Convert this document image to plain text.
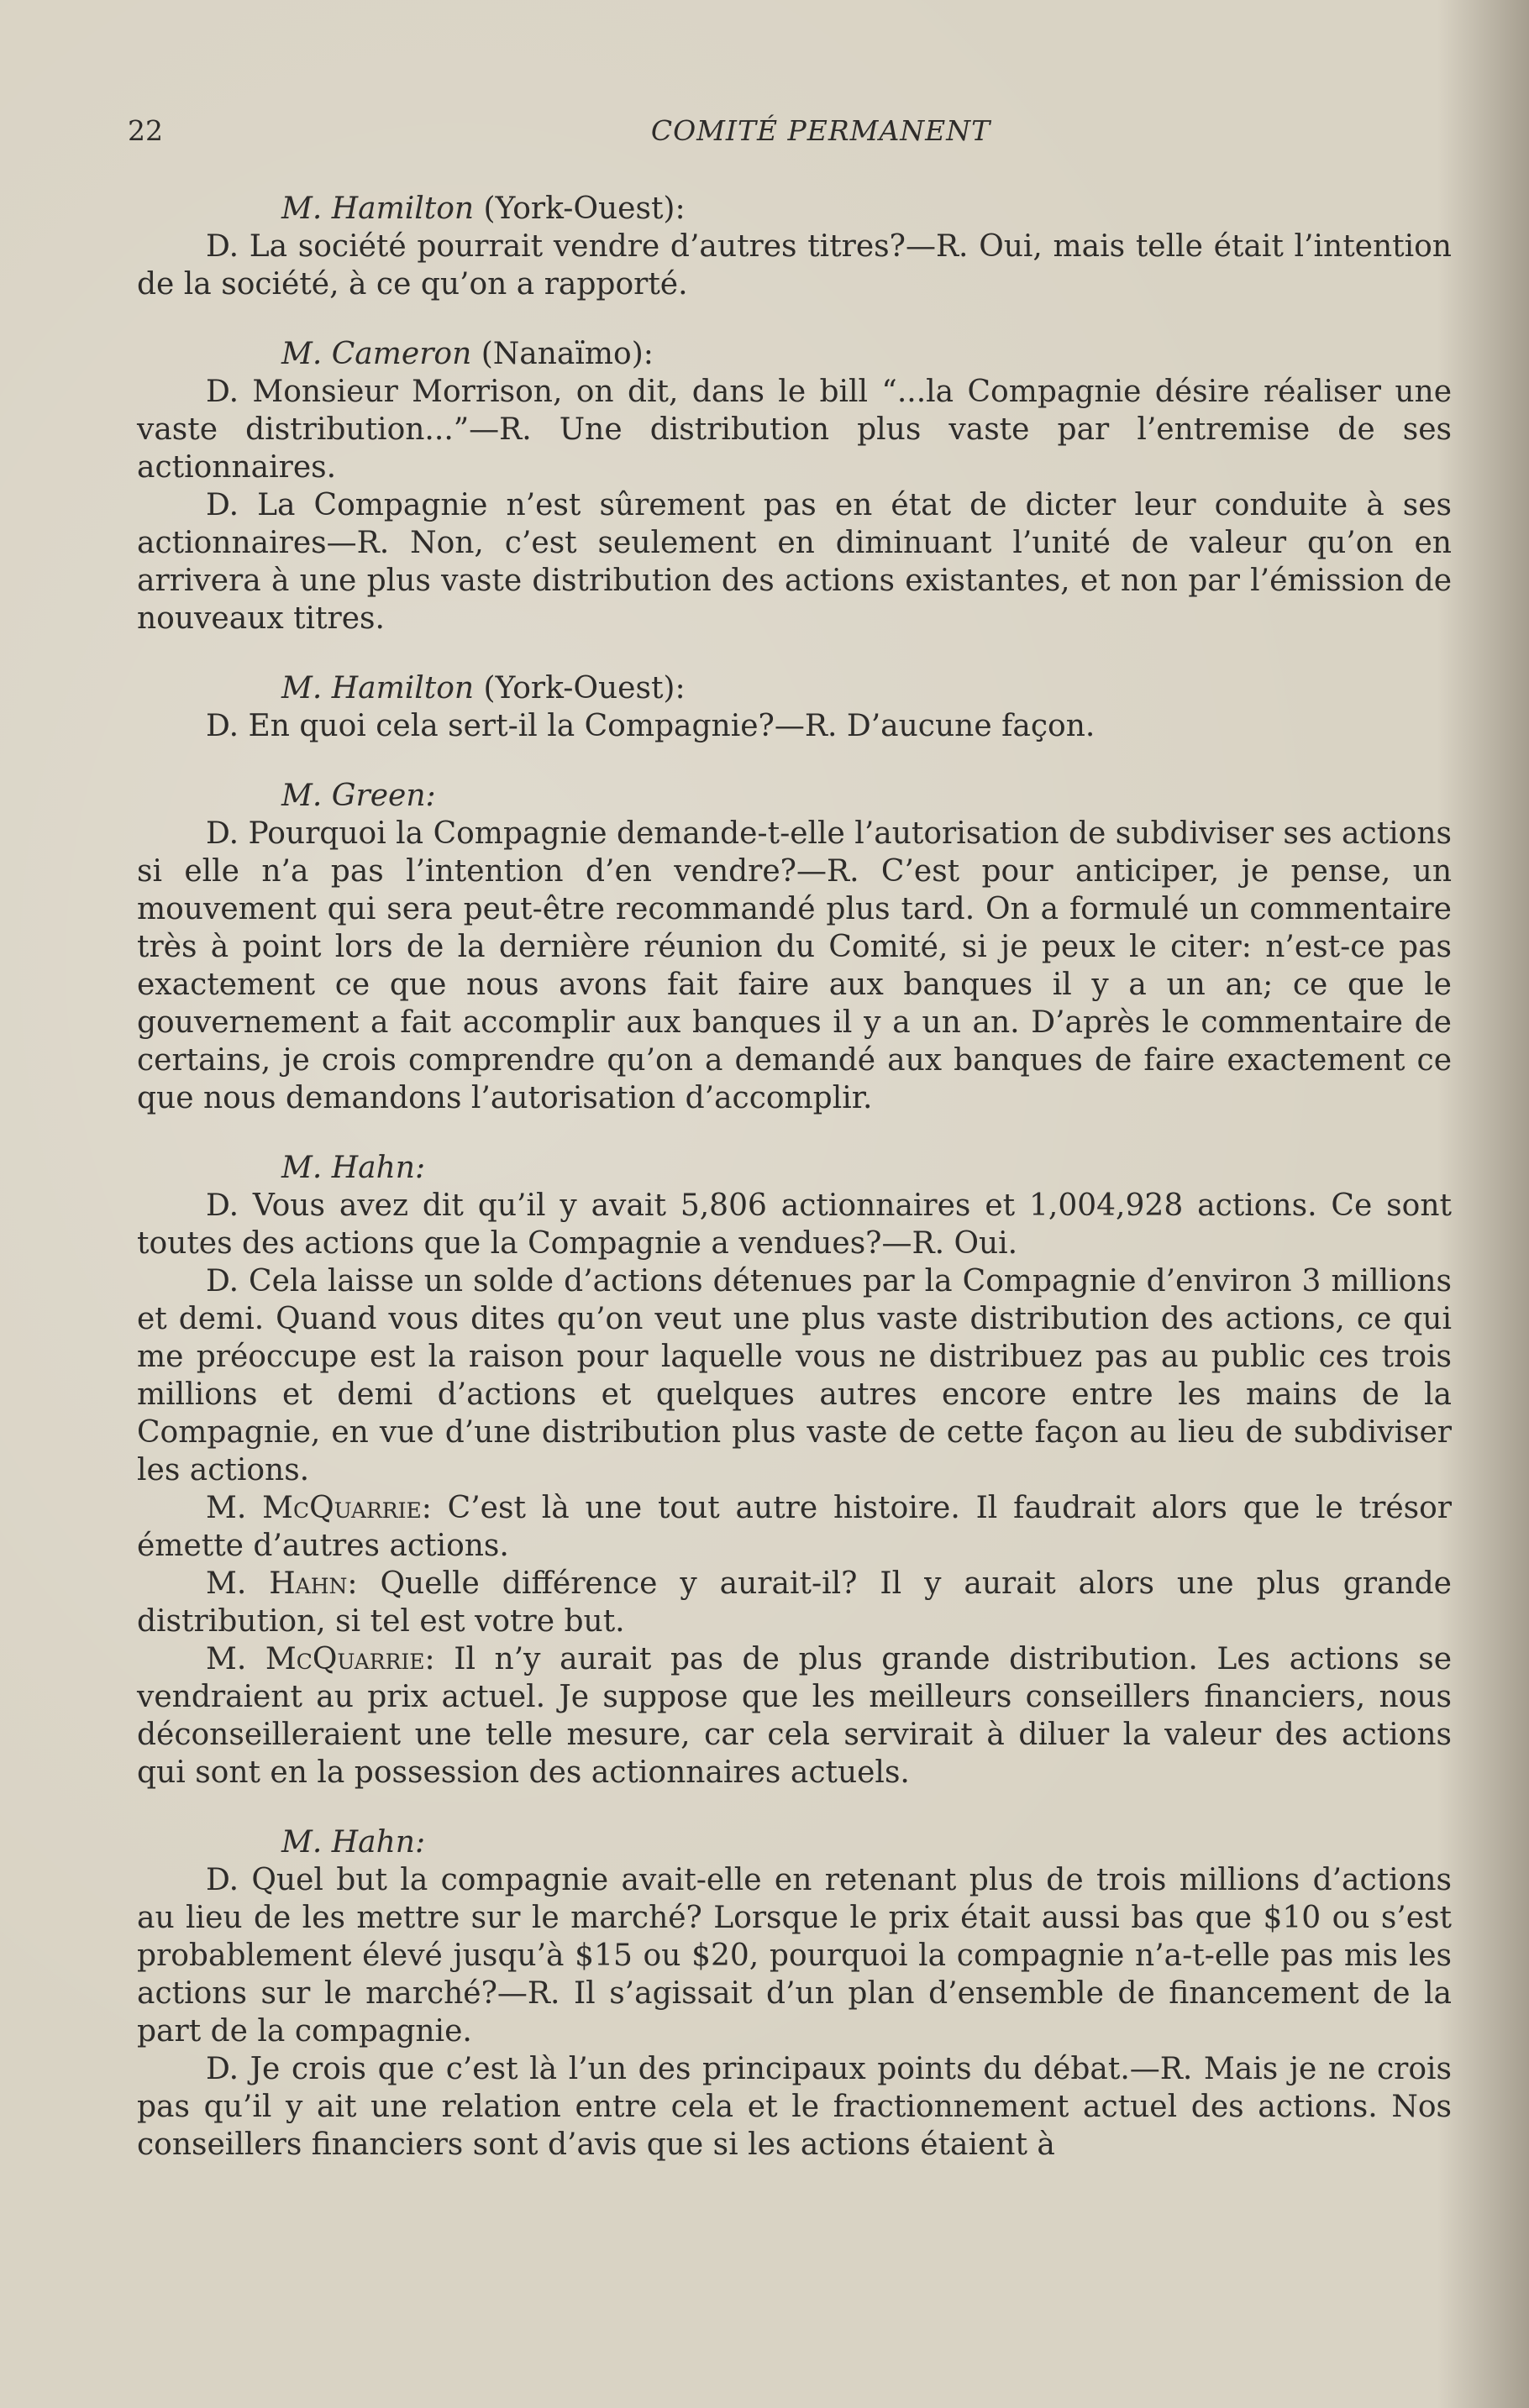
22	COMITÉ PERMANENT

M. Hamilton (York-Ouest):

D. La société pourrait vendre d’autres titres?—R. Oui, mais telle était l’intention de la société, à ce qu’on a rapporté.

M. Cameron (Nanaïmo):

D. Monsieur Morrison, on dit, dans le bill “...la Compagnie désire réaliser une vaste distribution...”—R. Une distribution plus vaste par l’entremise de ses actionnaires.

D. La Compagnie n’est sûrement pas en état de dicter leur conduite à ses actionnaires—R. Non, c’est seulement en diminuant l’unité de valeur qu’on en arrivera à une plus vaste distribution des actions existantes, et non par l’émission de nouveaux titres.

M. Hamilton (York-Ouest):

D. En quoi cela sert-il la Compagnie?—R. D’aucune façon.

M. Green:

D. Pourquoi la Compagnie demande-t-elle l’autorisation de subdiviser ses actions si elle n’a pas l’intention d’en vendre?—R. C’est pour anticiper, je pense, un mouvement qui sera peut-être recommandé plus tard. On a formulé un commentaire très à point lors de la dernière réunion du Comité, si je peux le citer: n’est-ce pas exactement ce que nous avons fait faire aux banques il y a un an; ce que le gouvernement a fait accomplir aux banques il y a un an. D’après le commentaire de certains, je crois comprendre qu’on a demandé aux banques de faire exactement ce que nous demandons l’autorisation d’accomplir.

M. Hahn:

D. Vous avez dit qu’il y avait 5,806 actionnaires et 1,004,928 actions. Ce sont toutes des actions que la Compagnie a vendues?—R. Oui.

D. Cela laisse un solde d’actions détenues par la Compagnie d’environ 3 millions et demi. Quand vous dites qu’on veut une plus vaste distribution des actions, ce qui me préoccupe est la raison pour laquelle vous ne distribuez pas au public ces trois millions et demi d’actions et quelques autres encore entre les mains de la Compagnie, en vue d’une distribution plus vaste de cette façon au lieu de subdiviser les actions.

M. McQuarrie: C’est là une tout autre histoire. Il faudrait alors que le trésor émette d’autres actions.

M. Hahn: Quelle différence y aurait-il? Il y aurait alors une plus grande distribution, si tel est votre but.

M. McQuarrie: Il n’y aurait pas de plus grande distribution. Les actions se vendraient au prix actuel. Je suppose que les meilleurs conseillers financiers, nous déconseilleraient une telle mesure, car cela servirait à diluer la valeur des actions qui sont en la possession des actionnaires actuels.

M. Hahn:

D. Quel but la compagnie avait-elle en retenant plus de trois millions d’actions au lieu de les mettre sur le marché? Lorsque le prix était aussi bas que $10 ou s’est probablement élevé jusqu’à $15 ou $20, pourquoi la compagnie n’a-t-elle pas mis les actions sur le marché?—R. Il s’agissait d’un plan d’ensemble de financement de la part de la compagnie.

D. Je crois que c’est là l’un des principaux points du débat.—R. Mais je ne crois pas qu’il y ait une relation entre cela et le fractionnement actuel des actions. Nos conseillers financiers sont d’avis que si les actions étaient à
